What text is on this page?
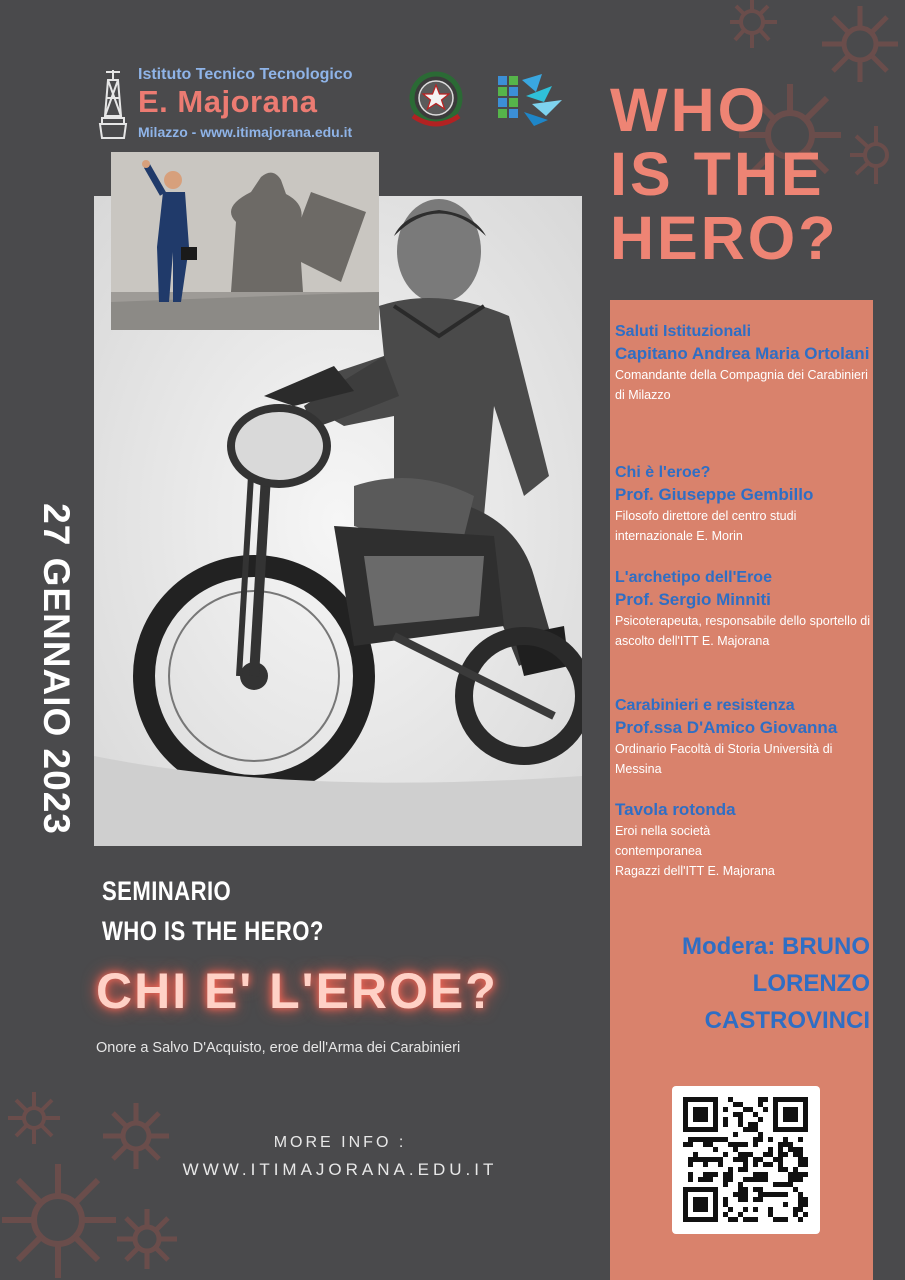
Istituto Tecnico Tecnologico
E. Majorana
Milazzo - www.itimajorana.edu.it	WHO
IS THE
HERO?
Saluti Istituzionali
Capitano Andrea Maria Ortolani
Comandante della Compagnia dei Carabinieri di Milazzo
Chi è l'eroe?
Prof. Giuseppe Gembillo
Filosofo direttore del centro studi internazionale E. Morin
L'archetipo dell'Eroe
Prof. Sergio Minniti
Psicoterapeuta, responsabile dello sportello di ascolto dell'ITT E. Majorana
Carabinieri e resistenza
Prof.ssa D'Amico Giovanna
Ordinario Facoltà di Storia Università di Messina
Tavola rotonda
Eroi nella società contemporanea
Ragazzi dell'ITT E. Majorana
Modera: BRUNO LORENZO CASTROVINCI
27 GENNAIO 2023
SEMINARIO
WHO IS THE HERO?
CHI E' L'EROE?
Onore a Salvo D'Acquisto, eroe dell'Arma dei Carabinieri
MORE INFO :
WWW.ITIMAJORANA.EDU.IT
